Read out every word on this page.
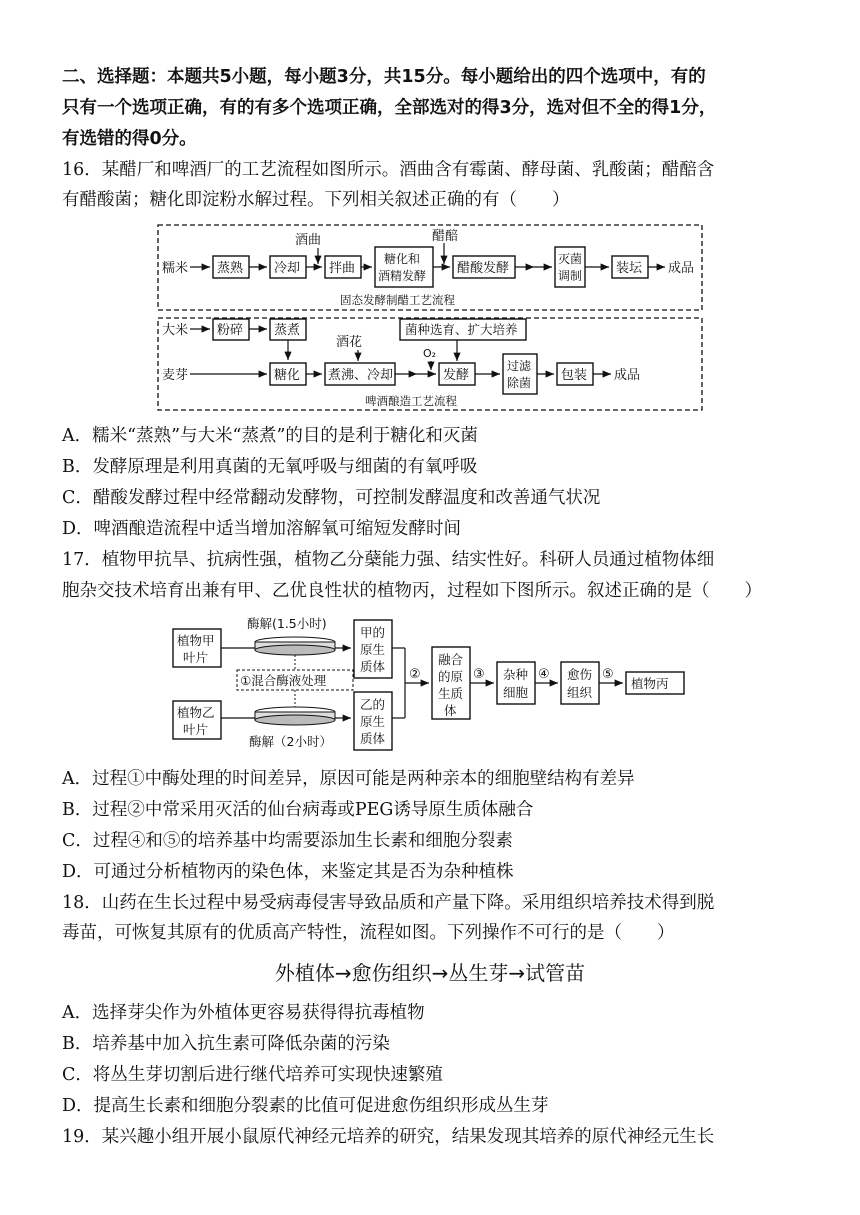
二、选择题：本题共5小题，每小题3分，共15分。每小题给出的四个选项中，有的
只有一个选项正确，有的有多个选项正确，全部选对的得3分，选对但不全的得1分，
有选错的得0分。
16．某醋厂和啤酒厂的工艺流程如图所示。酒曲含有霉菌、酵母菌、乳酸菌；醋醅含
有醋酸菌；糖化即淀粉水解过程。下列相关叙述正确的有（　　）
糯米 蒸熟 冷却
酒曲
拌曲
糖化和
酒精发酵
醋醅
醋酸发酵
灭菌
调制	装坛 成品
固态发酵制醋工艺流程
大米 粉碎 蒸煮
麦芽	糖化
酒花
煮沸、冷却
菌种选育、扩大培养
O₂
发酵
过滤
除菌 包装 成品
啤酒酿造工艺流程
A．糯米“蒸熟”与大米“蒸煮”的目的是利于糖化和灭菌
B．发酵原理是利用真菌的无氧呼吸与细菌的有氧呼吸
C．醋酸发酵过程中经常翻动发酵物，可控制发酵温度和改善通气状况
D．啤酒酿造流程中适当增加溶解氧可缩短发酵时间
17．植物甲抗旱、抗病性强，植物乙分蘖能力强、结实性好。科研人员通过植物体细
胞杂交技术培育出兼有甲、乙优良性状的植物丙，过程如下图所示。叙述正确的是（　　）
植物甲
叶片
酶解(1.5小时)
甲的
原生
质体
①混合酶液处理
植物乙
叶片
酶解（2小时）
乙的
原生
质体
②
融合
的原
生质
体
③ 杂种
细胞
④ 愈伤
组织
⑤
植物丙
A．过程①中酶处理的时间差异，原因可能是两种亲本的细胞壁结构有差异
B．过程②中常采用灭活的仙台病毒或PEG诱导原生质体融合
C．过程④和⑤的培养基中均需要添加生长素和细胞分裂素
D．可通过分析植物丙的染色体，来鉴定其是否为杂种植株
18．山药在生长过程中易受病毒侵害导致品质和产量下降。采用组织培养技术得到脱
毒苗，可恢复其原有的优质高产特性，流程如图。下列操作不可行的是（　　）
外植体→愈伤组织→丛生芽→试管苗
A．选择芽尖作为外植体更容易获得得抗毒植物
B．培养基中加入抗生素可降低杂菌的污染
C．将丛生芽切割后进行继代培养可实现快速繁殖
D．提高生长素和细胞分裂素的比值可促进愈伤组织形成丛生芽
19．某兴趣小组开展小鼠原代神经元培养的研究，结果发现其培养的原代神经元生长
